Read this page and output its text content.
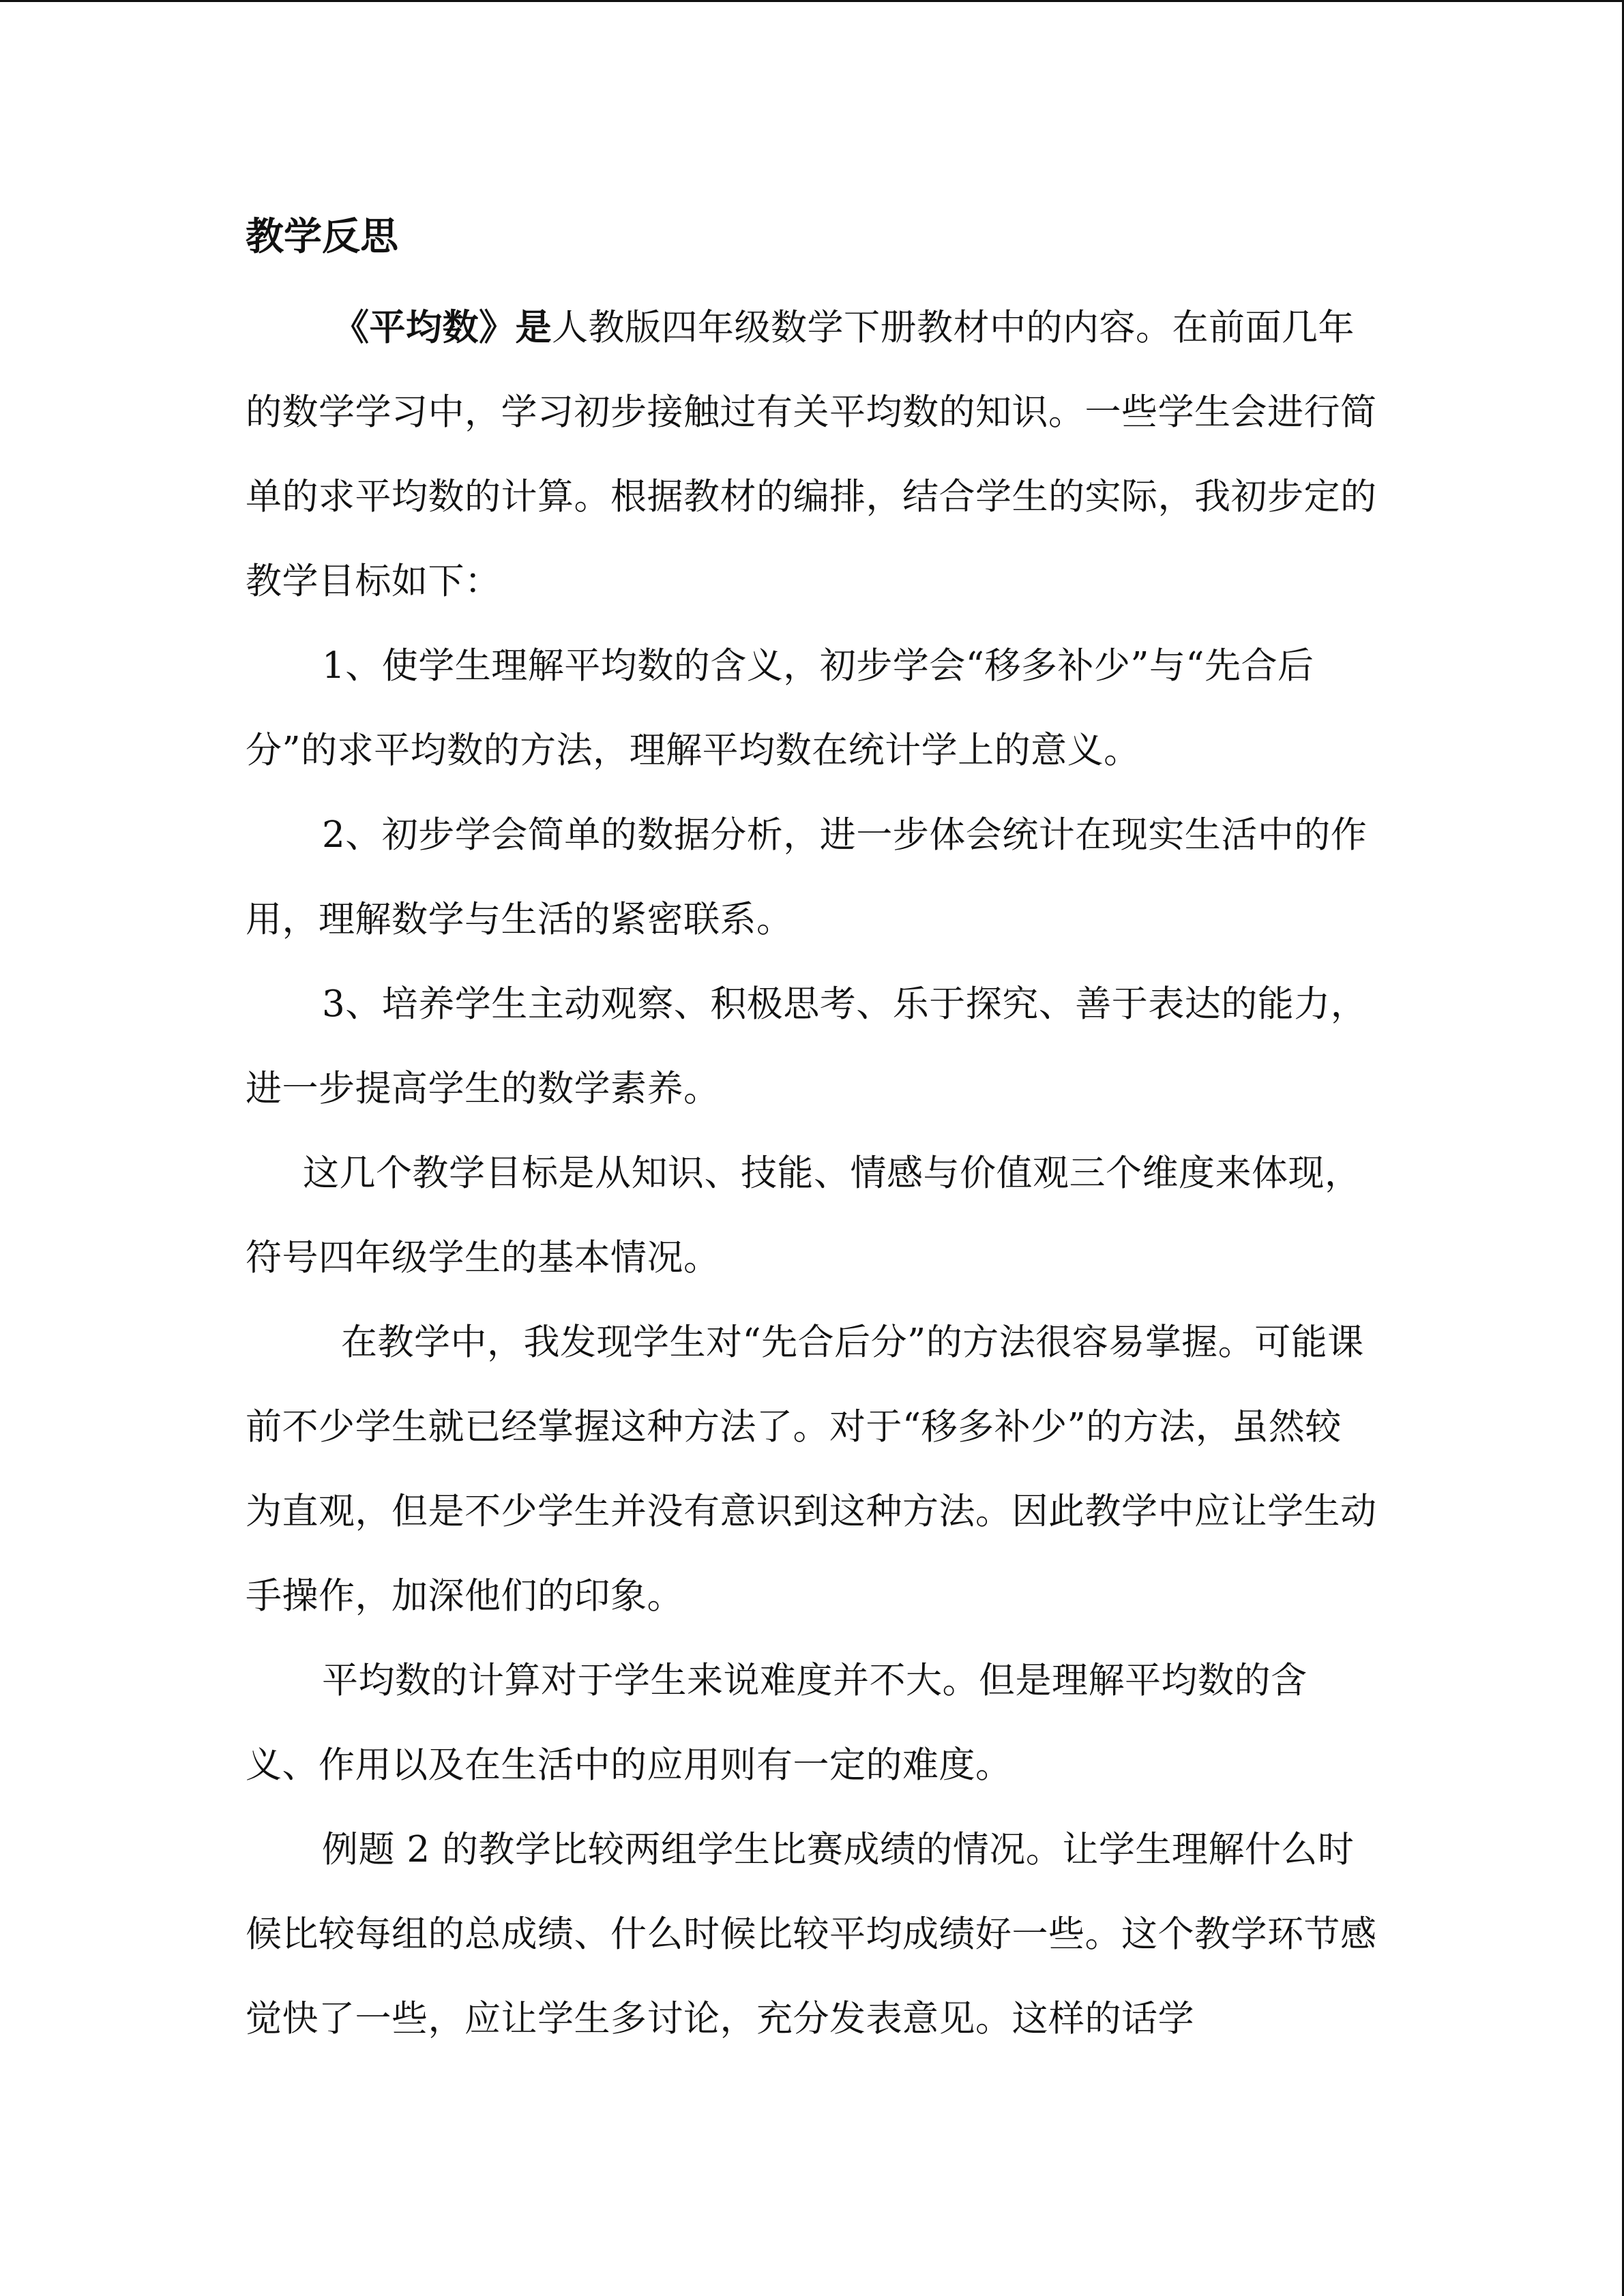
教学反思

《平均数》是人教版四年级数学下册教材中的内容。在前面几年的数学学习中，学习初步接触过有关平均数的知识。一些学生会进行简单的求平均数的计算。根据教材的编排，结合学生的实际，我初步定的教学目标如下：

1、使学生理解平均数的含义，初步学会“移多补少”与“先合后分”的求平均数的方法，理解平均数在统计学上的意义。

2、初步学会简单的数据分析，进一步体会统计在现实生活中的作用，理解数学与生活的紧密联系。

3、培养学生主动观察、积极思考、乐于探究、善于表达的能力，进一步提高学生的数学素养。

这几个教学目标是从知识、技能、情感与价值观三个维度来体现，符号四年级学生的基本情况。

在教学中，我发现学生对“先合后分”的方法很容易掌握。可能课前不少学生就已经掌握这种方法了。对于“移多补少”的方法，虽然较为直观，但是不少学生并没有意识到这种方法。因此教学中应让学生动手操作，加深他们的印象。

平均数的计算对于学生来说难度并不大。但是理解平均数的含义、作用以及在生活中的应用则有一定的难度。

例题 2 的教学比较两组学生比赛成绩的情况。让学生理解什么时候比较每组的总成绩、什么时候比较平均成绩好一些。这个教学环节感觉快了一些，应让学生多讨论，充分发表意见。这样的话学
